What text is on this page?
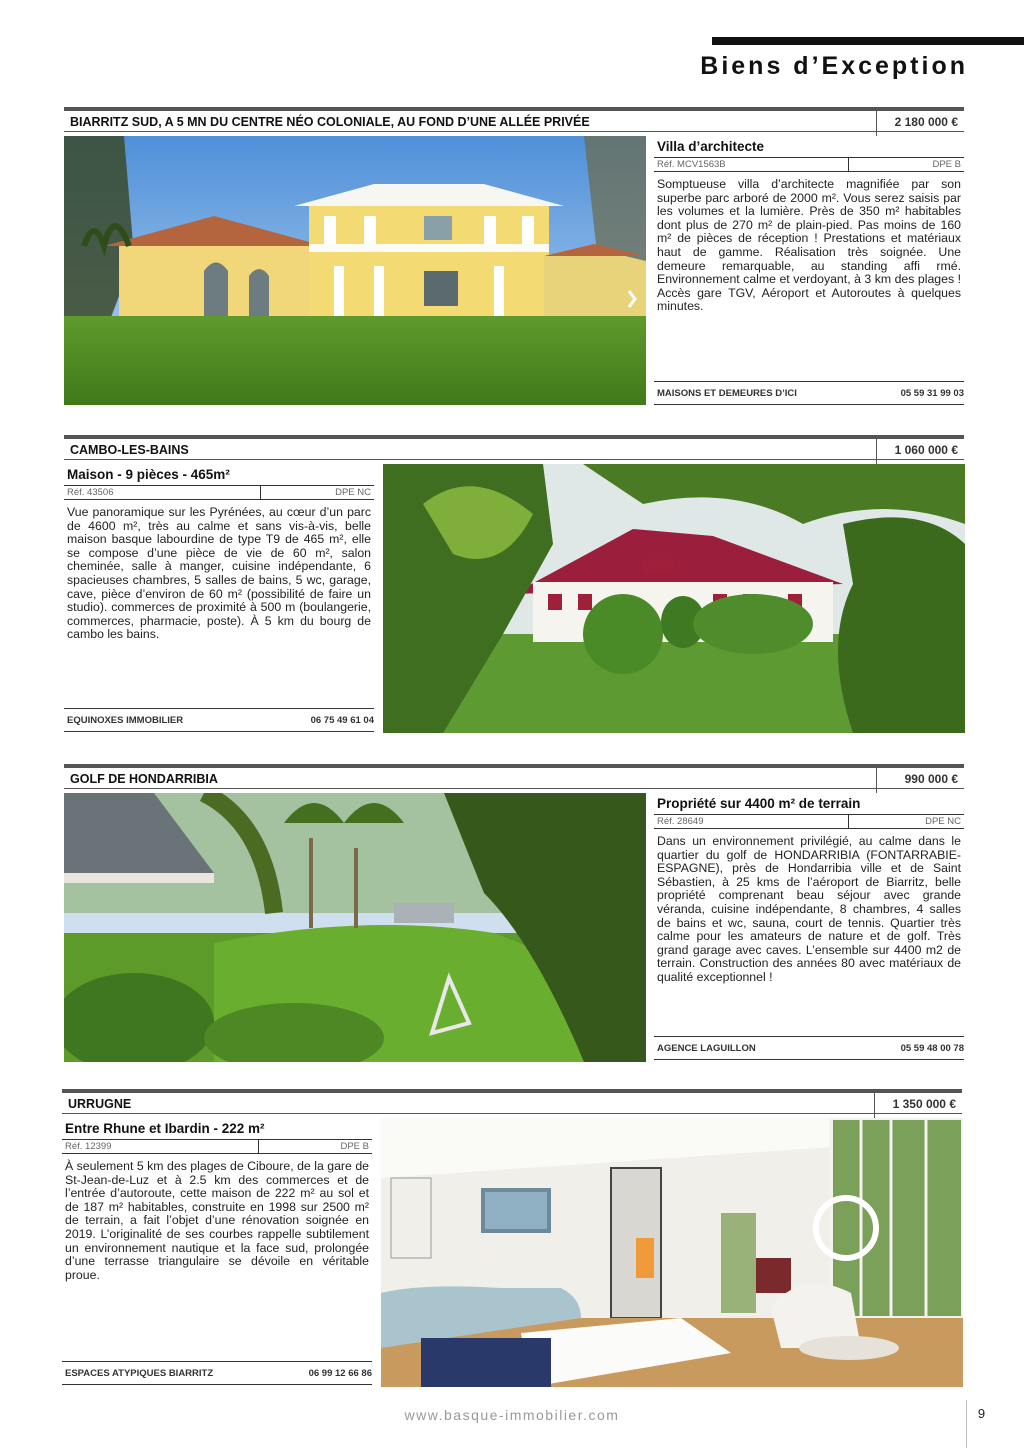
Biens d’Exception
BIARRITZ SUD, A 5 MN DU CENTRE NÉO COLONIALE, AU FOND D’UNE ALLÉE PRIVÉE	2 180 000 €
Villa d’architecte
Réf. MCV1563B	DPE B
Somptueuse villa d’architecte magnifiée par son superbe parc arboré de 2000 m². Vous serez saisis par les volumes et la lumière. Près de 350 m² habitables dont plus de 270 m² de plain-pied. Pas moins de 160 m² de pièces de réception ! Prestations et matériaux haut de gamme. Réalisation très soignée. Une demeure remarquable, au standing affi rmé. Environnement calme et verdoyant, à 3 km des plages ! Accès gare TGV, Aéroport et Autoroutes à quelques minutes.
MAISONS ET DEMEURES D’ICI	05 59 31 99 03
CAMBO-LES-BAINS	1 060 000 €
Maison - 9 pièces - 465m²
Réf. 43506	DPE NC
Vue panoramique sur les Pyrénées, au cœur d’un parc de 4600 m², très au calme et sans vis-à-vis, belle maison basque labourdine de type T9 de 465 m², elle se compose d’une pièce de vie de 60 m², salon cheminée, salle à manger, cuisine indépendante, 6 spacieuses chambres, 5 salles de bains, 5 wc, garage, cave, pièce d’environ de 60 m² (possibilité de faire un studio). commerces de proximité à 500 m (boulangerie, commerces, pharmacie, poste). À 5 km du bourg de cambo les bains.
EQUINOXES IMMOBILIER	06 75 49 61 04
GOLF DE HONDARRIBIA	990 000 €
Propriété sur 4400 m² de terrain
Réf. 28649	DPE NC
Dans un environnement privilégié, au calme dans le quartier du golf de HONDARRIBIA (FONTARRABIE-ESPAGNE), près de Hondarribia ville et de Saint Sébastien, à 25 kms de l’aéroport de Biarritz, belle propriété comprenant beau séjour avec grande véranda, cuisine indépendante, 8 chambres, 4 salles de bains et wc, sauna, court de tennis. Quartier très calme pour les amateurs de nature et de golf. Très grand garage avec caves. L’ensemble sur 4400 m2 de terrain. Construction des années 80 avec matériaux de qualité exceptionnel !
AGENCE LAGUILLON	05 59 48 00 78
URRUGNE	1 350 000 €
Entre Rhune et Ibardin - 222 m²
Réf. 12399	DPE B
À seulement 5 km des plages de Ciboure, de la gare de St-Jean-de-Luz et à 2.5 km des commerces et de l’entrée d’autoroute, cette maison de 222 m² au sol et de 187 m² habitables, construite en 1998 sur 2500 m² de terrain, a fait l’objet d’une rénovation soignée en 2019. L’originalité de ses courbes rappelle subtilement un environnement nautique et la face sud, prolongée d’une terrasse triangulaire se dévoile en véritable proue.
ESPACES ATYPIQUES BIARRITZ	06 99 12 66 86
www.basque-immobilier.com	9
